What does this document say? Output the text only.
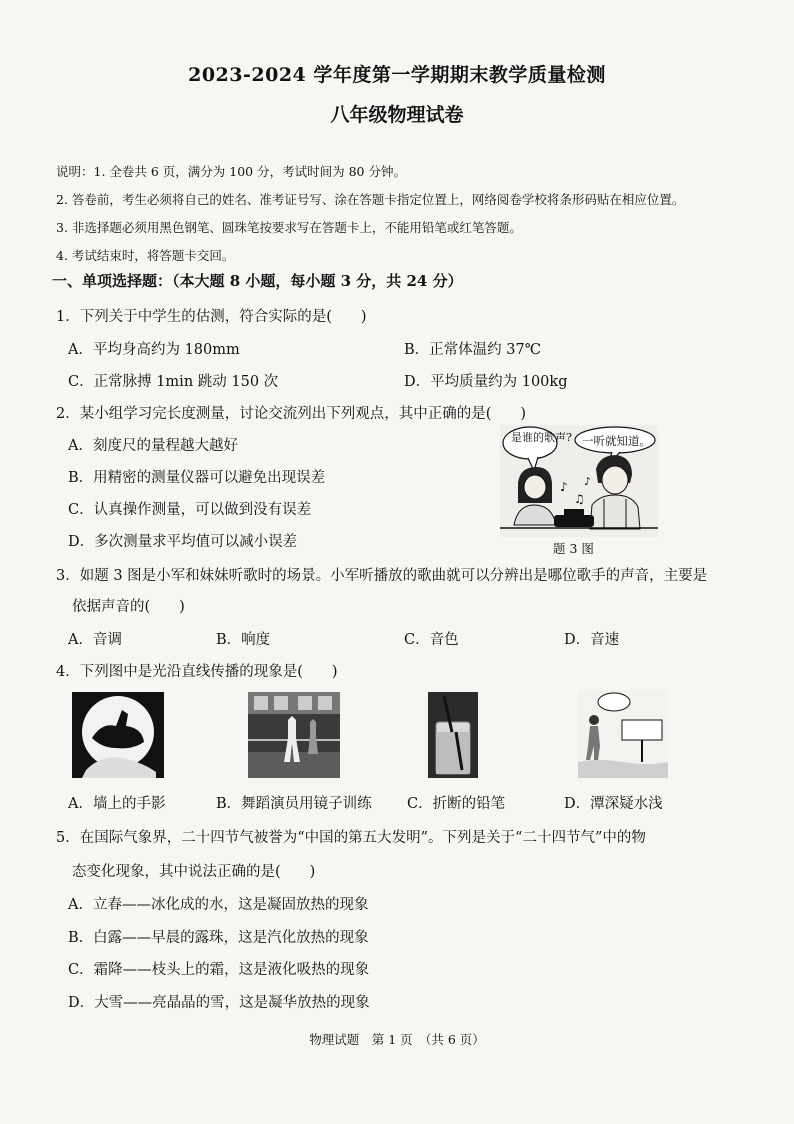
2023-2024 学年度第一学期期末教学质量检测
八年级物理试卷
说明：1. 全卷共 6 页，满分为 100 分，考试时间为 80 分钟。
2. 答卷前，考生必须将自己的姓名、准考证号写、涂在答题卡指定位置上，网络阅卷学校将条形码贴在相应位置。
3. 非选择题必须用黑色钢笔、圆珠笔按要求写在答题卡上，不能用铅笔或红笔答题。
4. 考试结束时，将答题卡交回。
一、单项选择题：（本大题 8 小题，每小题 3 分，共 24 分）
1．下列关于中学生的估测，符合实际的是(　　)
A．平均身高约为 180mm	B．正常体温约 37℃
C．正常脉搏 1min 跳动 150 次	D．平均质量约为 100kg
2．某小组学习完长度测量，讨论交流列出下列观点，其中正确的是(　　)
A．刻度尺的量程越大越好
B．用精密的测量仪器可以避免出现误差
C．认真操作测量，可以做到没有误差
D．多次测量求平均值可以减小误差
♪
♫
♪
是谁的歌声? 一听就知道。
题 3 图
3．如题 3 图是小军和妹妹听歌时的场景。小军听播放的歌曲就可以分辨出是哪位歌手的声音，主要是
依据声音的(　　)
A．音调	B．响度	C．音色	D．音速
4．下列图中是光沿直线传播的现象是(　　)
A．墙上的手影	B．舞蹈演员用镜子训练 C．折断的铅笔	D．潭深疑水浅
5．在国际气象界，二十四节气被誉为“中国的第五大发明”。下列是关于“二十四节气”中的物
态变化现象，其中说法正确的是(　　)
A．立春——冰化成的水，这是凝固放热的现象
B．白露——早晨的露珠，这是汽化放热的现象
C．霜降——枝头上的霜，这是液化吸热的现象
D．大雪——亮晶晶的雪，这是凝华放热的现象
物理试题　第 1 页　（共 6 页）
